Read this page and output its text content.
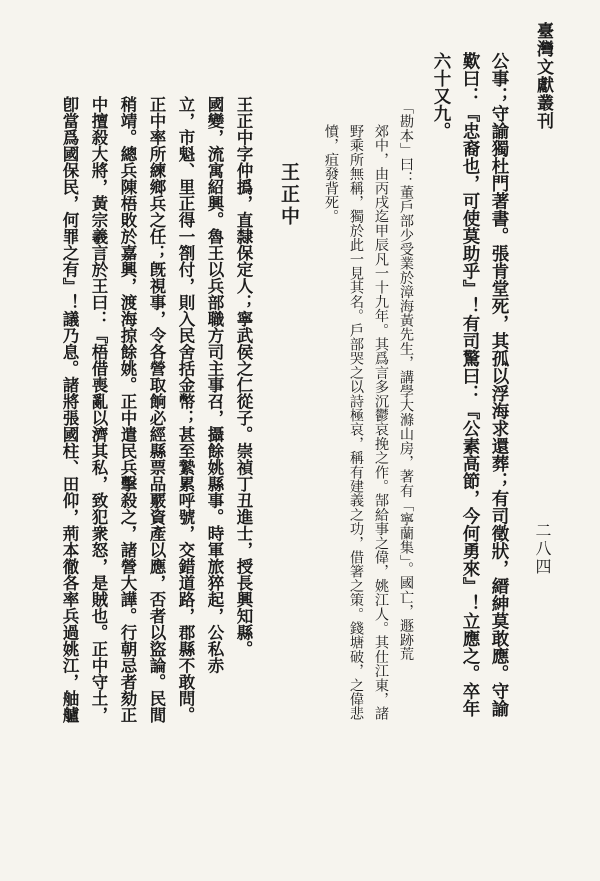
臺灣文獻叢刊
二八四
公事；守諭獨杜門著書。張肯堂死，其孤以浮海求還葬；有司徵狀，縉紳莫敢應。守諭
歎曰：『忠裔也，可使莫助乎』！有司驚曰：『公素高節，今何勇來』！立應之。卒年
六十又九。
「勘本」曰：董戶部少受業於漳海黃先生，講學大滌山房，著有「寧蘭集」。國亡，遯跡荒
郊中，由丙戌迄甲辰凡一十九年。其爲言多沉鬱哀挽之作。郜給事之偉，姚江人。其仕江東，諸
野乘所無稱，獨於此一見其名。戶部哭之以詩極哀，稱有建義之功，借箸之策。錢塘破，之偉悲
憤，疽發背死。
王正中
王正中字仲撝，直隸保定人；寧武侯之仁從子。崇禎丁丑進士，授長興知縣。
國變，流寓紹興。魯王以兵部職方司主事召，攝餘姚縣事。時軍旅猝起，公私赤
立，市魁、里正得一劄付，則入民舍括金幣；甚至縶累呼號，交錯道路，郡縣不敢問。
正中率所練鄉兵之任；旣視事，令各營取餉必經縣票品覈資產以應，否者以盜論。民間
稍靖。總兵陳梧敗於嘉興，渡海掠餘姚。正中遣民兵擊殺之，諸營大譁。行朝忌者劾正
中擅殺大將，黃宗羲言於王曰：『梧借喪亂以濟其私，致犯衆怒，是賊也。正中守土，
卽當爲國保民，何罪之有』！議乃息。諸將張國柱、田仰，荊本徹各率兵過姚江，舳艫
